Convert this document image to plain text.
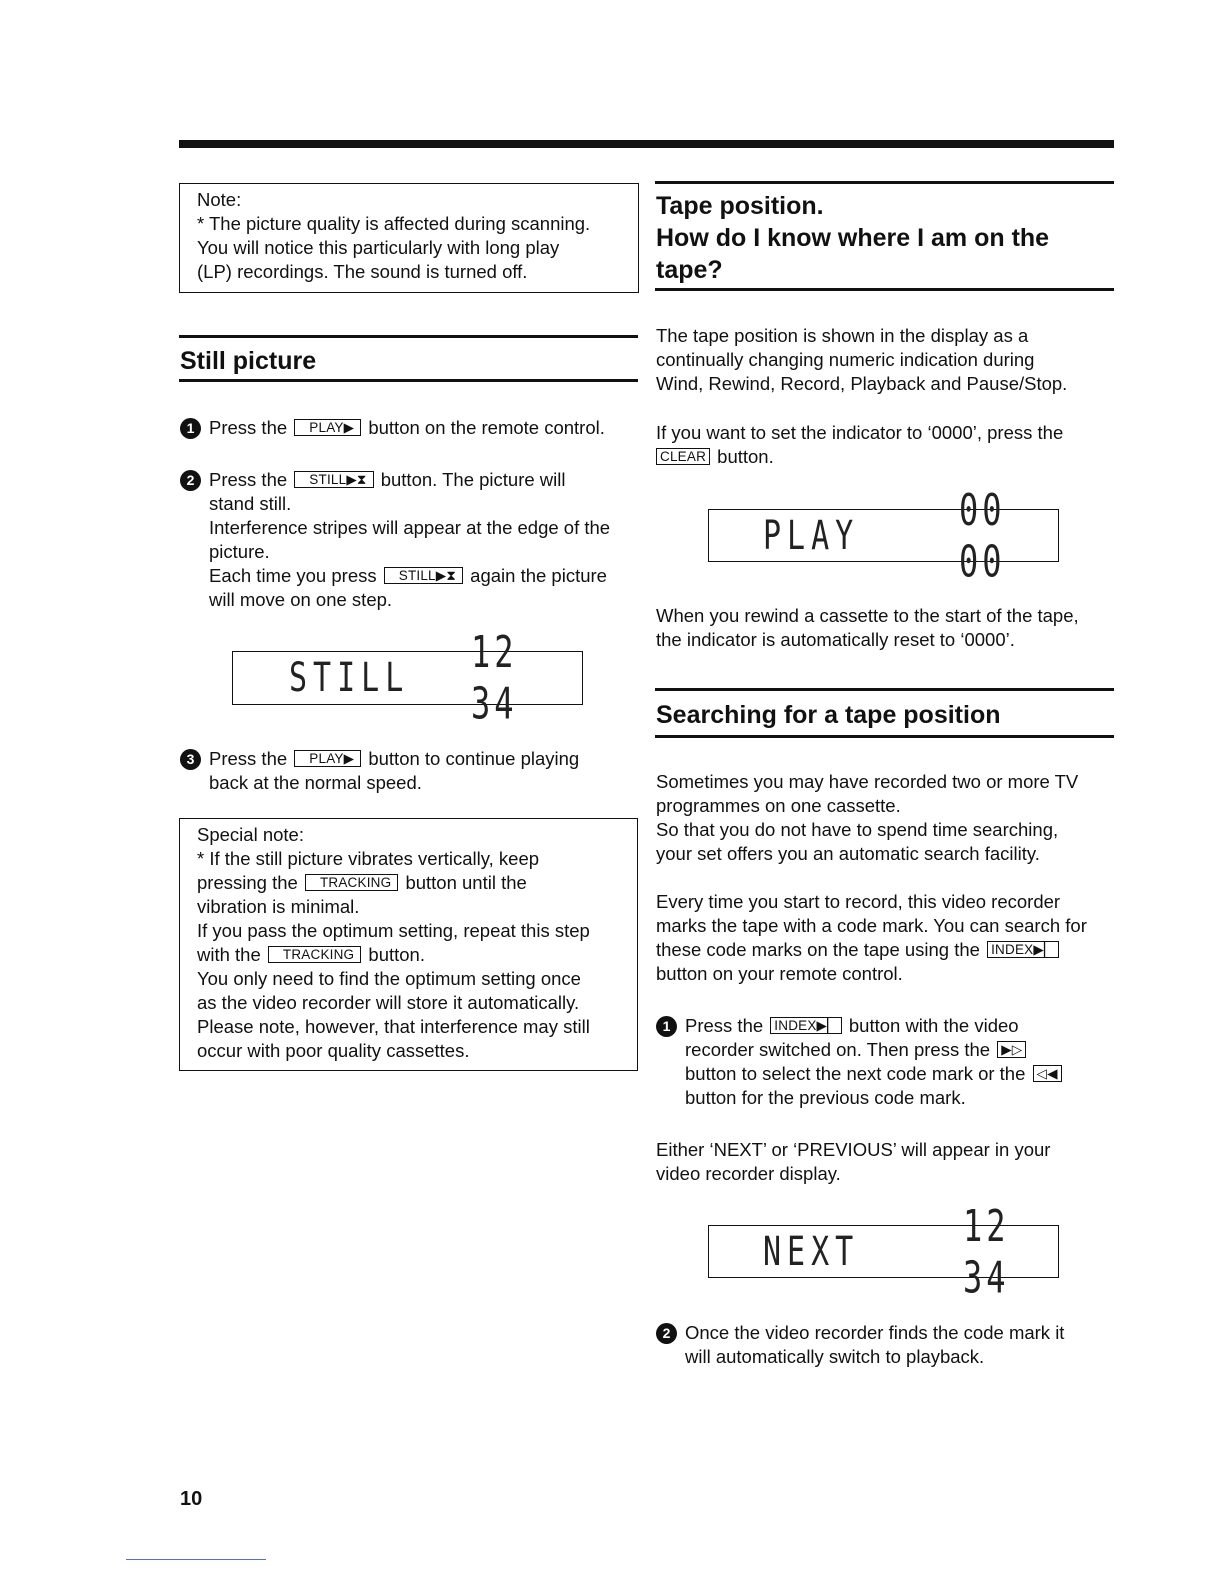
Note:

* The picture quality is affected during scanning.

You will notice this particularly with long play

(LP) recordings. The sound is turned off.

Still picture
1 Press the PLAY▶ button on the remote control.

2 Press the STILL▶⧗ button. The picture will

stand still.

Interference stripes will appear at the edge of the

picture.

Each time you press STILL▶⧗ again the picture

will move on one step.

STILL 12 34
3 Press the PLAY▶ button to continue playing

back at the normal speed.

Special note:

* If the still picture vibrates vertically, keep

pressing the TRACKING button until the

vibration is minimal.

If you pass the optimum setting, repeat this step

with the TRACKING button.

You only need to find the optimum setting once

as the video recorder will store it automatically.

Please note, however, that interference may still

occur with poor quality cassettes.

Tape position.
How do I know where I am on the
tape?
The tape position is shown in the display as a
continually changing numeric indication during
Wind, Rewind, Record, Playback and Pause/Stop.
If you want to set the indicator to ‘0000’, press the
CLEAR button.
PLAY	00 00
When you rewind a cassette to the start of the tape,
the indicator is automatically reset to ‘0000’.
Searching for a tape position
Sometimes you may have recorded two or more TV
programmes on one cassette.
So that you do not have to spend time searching,
your set offers you an automatic search facility.
Every time you start to record, this video recorder
marks the tape with a code mark. You can search for
these code marks on the tape using the INDEX▶▏
button on your remote control.
1 Press the INDEX▶▏ button with the video

recorder switched on. Then press the ▶▷

button to select the next code mark or the ◁◀

button for the previous code mark.

Either ‘NEXT’ or ‘PREVIOUS’ will appear in your
video recorder display.
NEXT	12 34
2 Once the video recorder finds the code mark it

will automatically switch to playback.

10
